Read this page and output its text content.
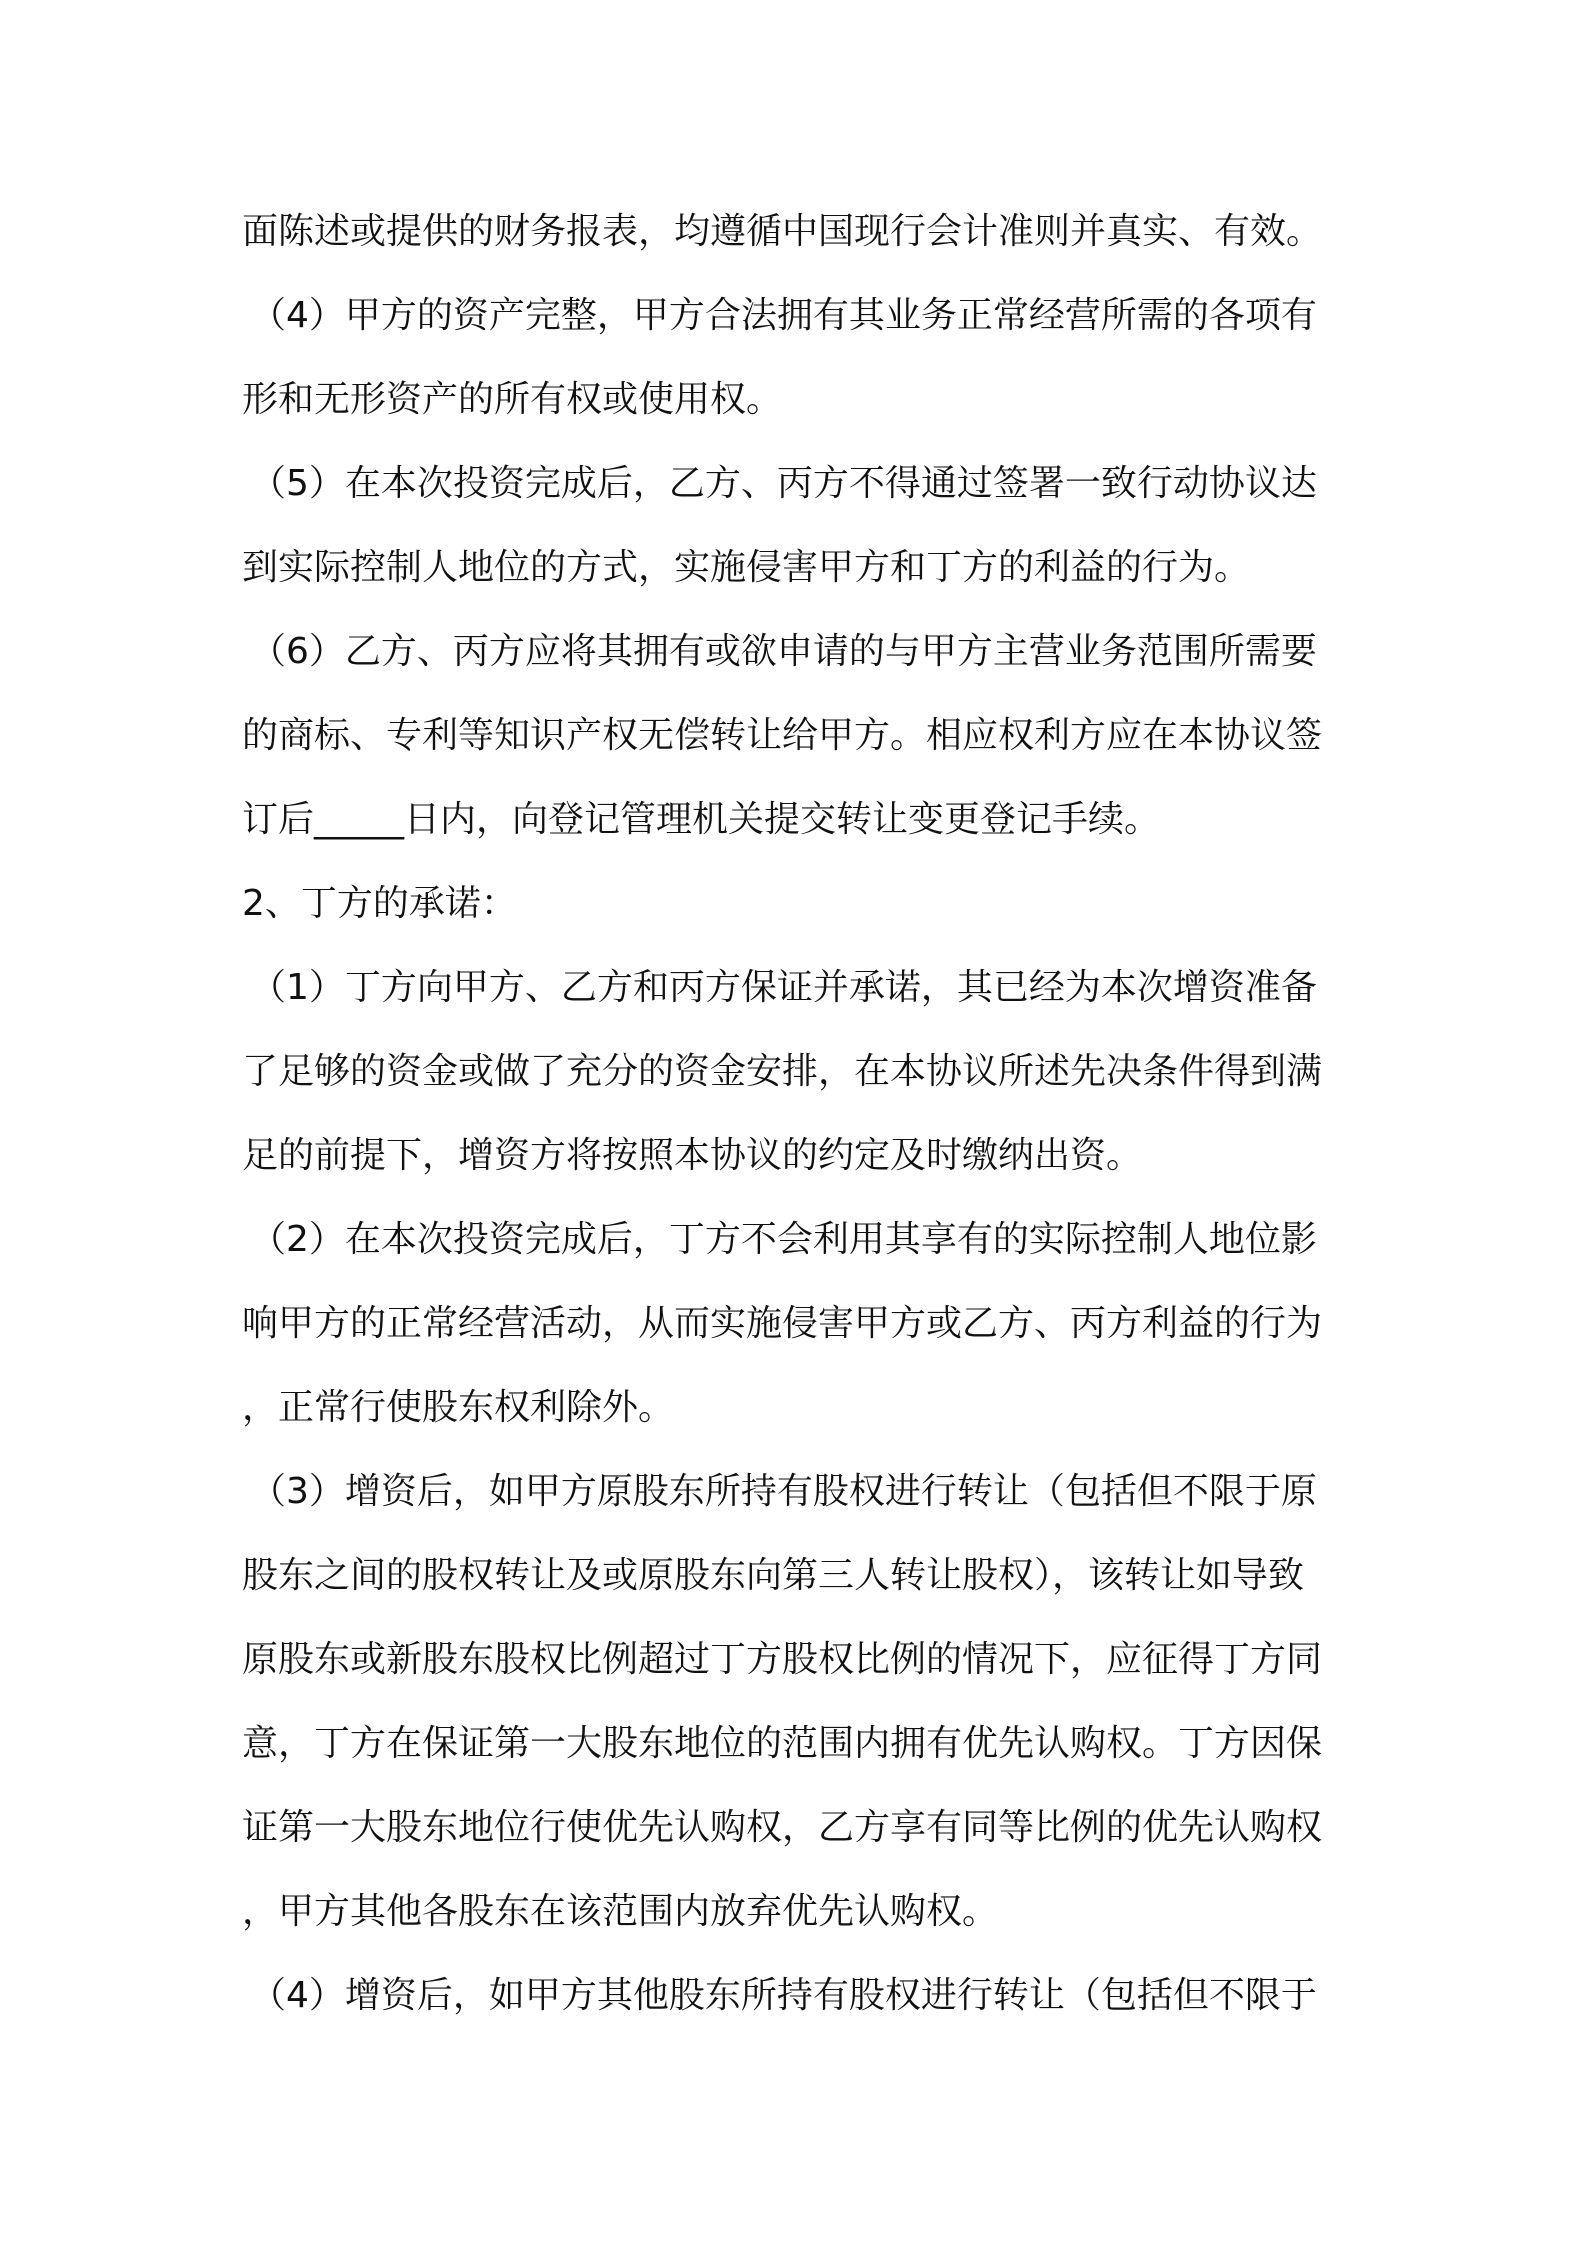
面陈述或提供的财务报表，均遵循中国现行会计准则并真实、有效。
（4）甲方的资产完整，甲方合法拥有其业务正常经营所需的各项有
形和无形资产的所有权或使用权。
（5）在本次投资完成后，乙方、丙方不得通过签署一致行动协议达
到实际控制人地位的方式，实施侵害甲方和丁方的利益的行为。
（6）乙方、丙方应将其拥有或欲申请的与甲方主营业务范围所需要
的商标、专利等知识产权无偿转让给甲方。相应权利方应在本协议签
订后_____日内，向登记管理机关提交转让变更登记手续。
2、丁方的承诺：
（1）丁方向甲方、乙方和丙方保证并承诺，其已经为本次增资准备
了足够的资金或做了充分的资金安排，在本协议所述先决条件得到满
足的前提下，增资方将按照本协议的约定及时缴纳出资。
（2）在本次投资完成后，丁方不会利用其享有的实际控制人地位影
响甲方的正常经营活动，从而实施侵害甲方或乙方、丙方利益的行为
，正常行使股东权利除外。
（3）增资后，如甲方原股东所持有股权进行转让（包括但不限于原
股东之间的股权转让及或原股东向第三人转让股权），该转让如导致
原股东或新股东股权比例超过丁方股权比例的情况下，应征得丁方同
意，丁方在保证第一大股东地位的范围内拥有优先认购权。丁方因保
证第一大股东地位行使优先认购权，乙方享有同等比例的优先认购权
，甲方其他各股东在该范围内放弃优先认购权。
（4）增资后，如甲方其他股东所持有股权进行转让（包括但不限于
